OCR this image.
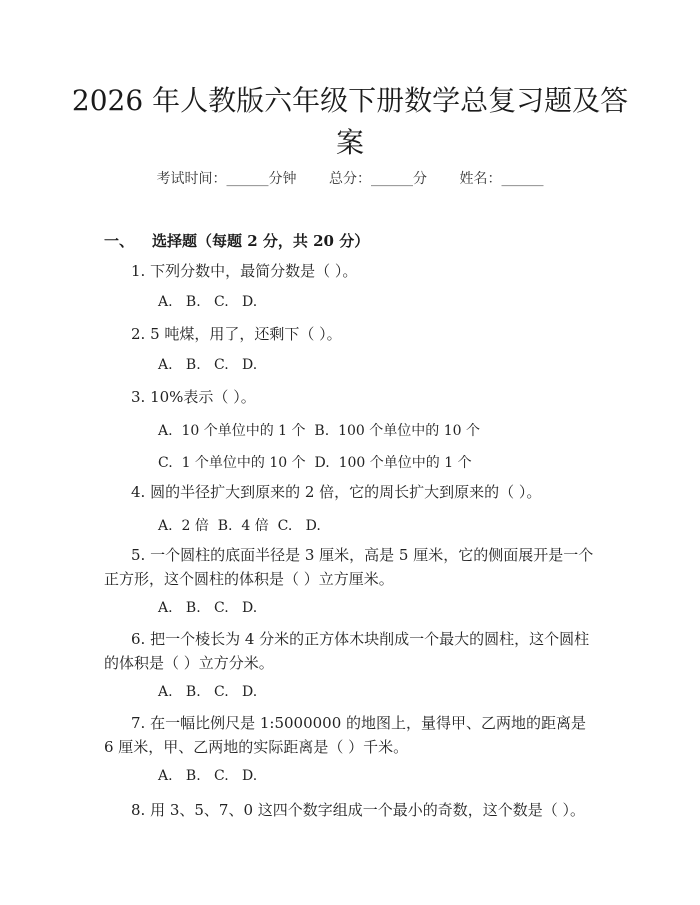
2026 年人教版六年级下册数学总复习题及答
案
考试时间：______分钟 总分：______分 姓名：______
一、 选择题（每题 2 分，共 20 分）
1. 下列分数中，最简分数是（ ）。
A.   B.   C.   D.
2. 5 吨煤，用了，还剩下（ ）。
A.   B.   C.   D.
3. 10%表示（ ）。
A.  10 个单位中的 1 个  B.  100 个单位中的 10 个
C.  1 个单位中的 10 个  D.  100 个单位中的 1 个
4. 圆的半径扩大到原来的 2 倍，它的周长扩大到原来的（ ）。
A.  2 倍  B.  4 倍  C.   D.
5. 一个圆柱的底面半径是 3 厘米，高是 5 厘米，它的侧面展开是一个正方形，这个圆柱的体积是（ ）立方厘米。
A.   B.   C.   D.
6. 把一个棱长为 4 分米的正方体木块削成一个最大的圆柱，这个圆柱的体积是（ ）立方分米。
A.   B.   C.   D.
7. 在一幅比例尺是 1:5000000 的地图上，量得甲、乙两地的距离是 6 厘米，甲、乙两地的实际距离是（ ）千米。
A.   B.   C.   D.
8. 用 3、5、7、0 这四个数字组成一个最小的奇数，这个数是（ ）。
